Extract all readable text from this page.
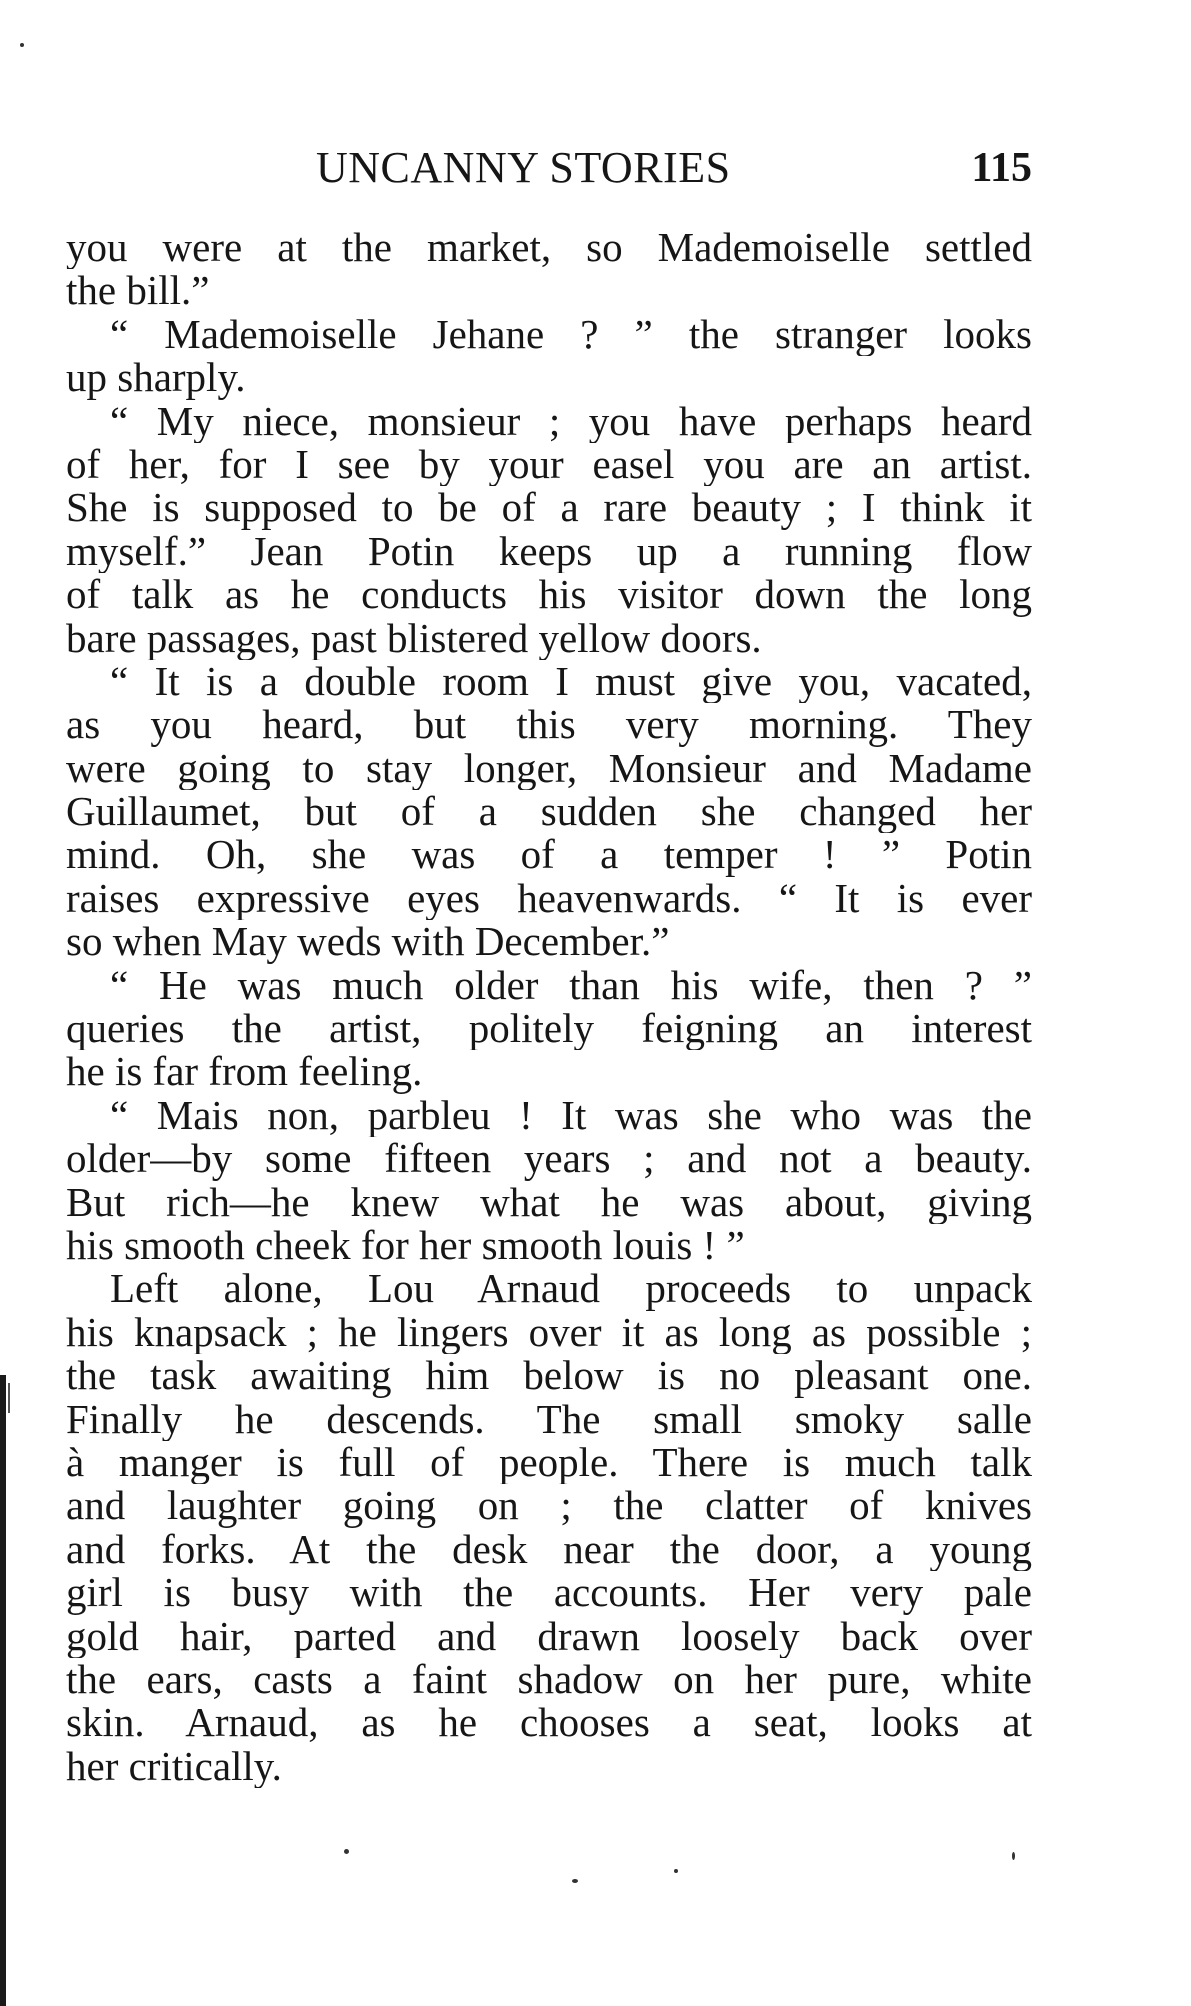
UNCANNY STORIES	115
you were at the market, so Mademoiselle settled
the bill.”
“ Mademoiselle Jehane ? ” the stranger looks
up sharply.
“ My niece, monsieur ; you have perhaps heard
of her, for I see by your easel you are an artist.
She is supposed to be of a rare beauty ; I think it
myself.” Jean Potin keeps up a running flow
of talk as he conducts his visitor down the long
bare passages, past blistered yellow doors.
“ It is a double room I must give you, vacated,
as you heard, but this very morning. They
were going to stay longer, Monsieur and Madame
Guillaumet, but of a sudden she changed her
mind. Oh, she was of a temper ! ” Potin
raises expressive eyes heavenwards. “ It is ever
so when May weds with December.”
“ He was much older than his wife, then ? ”
queries the artist, politely feigning an interest
he is far from feeling.
“ Mais non, parbleu ! It was she who was the
older—by some fifteen years ; and not a beauty.
But rich—he knew what he was about, giving
his smooth cheek for her smooth louis ! ”
Left alone, Lou Arnaud proceeds to unpack
his knapsack ; he lingers over it as long as possible ;
the task awaiting him below is no pleasant one.
Finally he descends. The small smoky salle
à manger is full of people. There is much talk
and laughter going on ; the clatter of knives
and forks. At the desk near the door, a young
girl is busy with the accounts. Her very pale
gold hair, parted and drawn loosely back over
the ears, casts a faint shadow on her pure, white
skin. Arnaud, as he chooses a seat, looks at
her critically.
